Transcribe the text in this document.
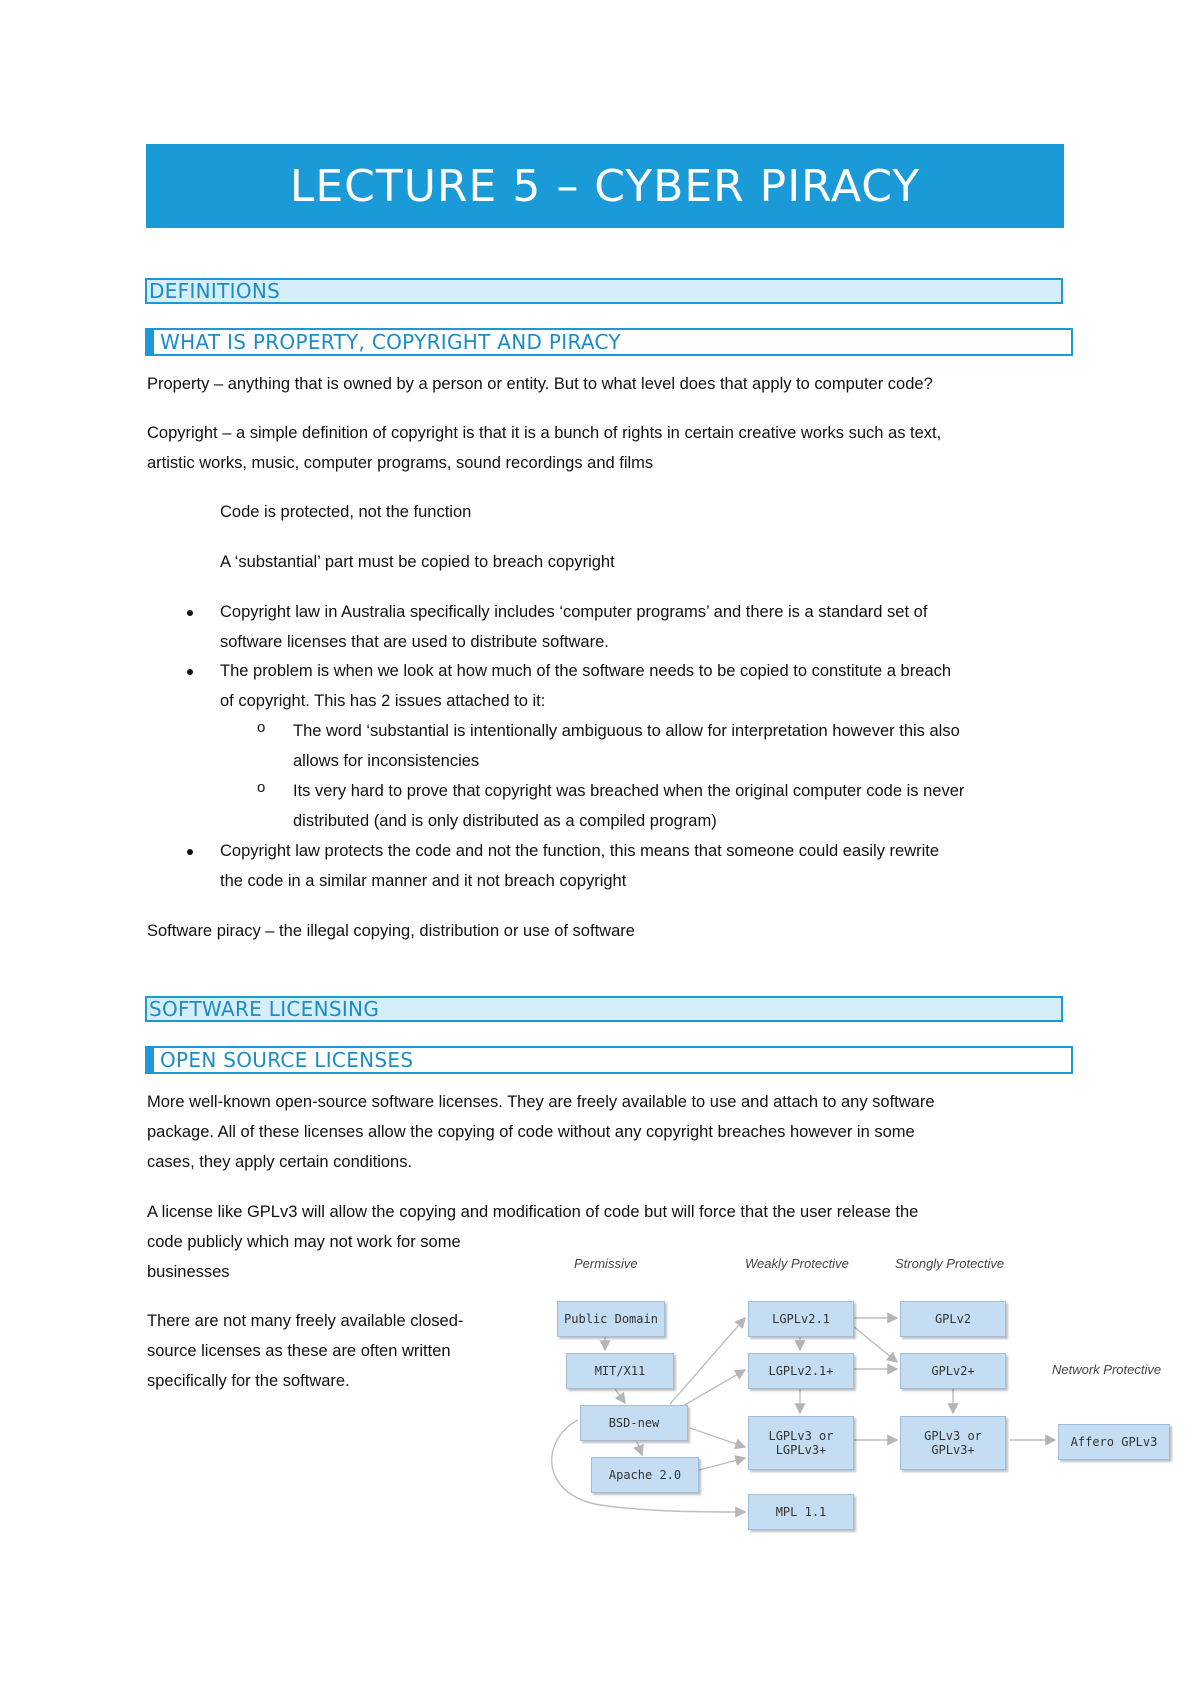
LECTURE 5 – CYBER PIRACY
DEFINITIONS
WHAT IS PROPERTY, COPYRIGHT AND PIRACY
Property – anything that is owned by a person or entity. But to what level does that apply to computer code?
Copyright – a simple definition of copyright is that it is a bunch of rights in certain creative works such as text,
artistic works, music, computer programs, sound recordings and films
Code is protected, not the function
A ‘substantial’ part must be copied to breach copyright
Copyright law in Australia specifically includes ‘computer programs’ and there is a standard set of
software licenses that are used to distribute software.
The problem is when we look at how much of the software needs to be copied to constitute a breach
of copyright. This has 2 issues attached to it:
o The word ‘substantial is intentionally ambiguous to allow for interpretation however this also
allows for inconsistencies
o Its very hard to prove that copyright was breached when the original computer code is never
distributed (and is only distributed as a compiled program)
Copyright law protects the code and not the function, this means that someone could easily rewrite
the code in a similar manner and it not breach copyright
Software piracy – the illegal copying, distribution or use of software
SOFTWARE LICENSING
OPEN SOURCE LICENSES
More well-known open-source software licenses. They are freely available to use and attach to any software
package. All of these licenses allow the copying of code without any copyright breaches however in some
cases, they apply certain conditions.
A license like GPLv3 will allow the copying and modification of code but will force that the user release the
code publicly which may not work for some
businesses
There are not many freely available closed-
source licenses as these are often written
specifically for the software.
Permissive	Weakly Protective	Strongly Protective
Network Protective
Public Domain
MIT/X11
BSD-new
Apache 2.0
LGPLv2.1
LGPLv2.1+
LGPLv3 or
LGPLv3+
MPL 1.1
GPLv2
GPLv2+
GPLv3 or
GPLv3+
Affero GPLv3
